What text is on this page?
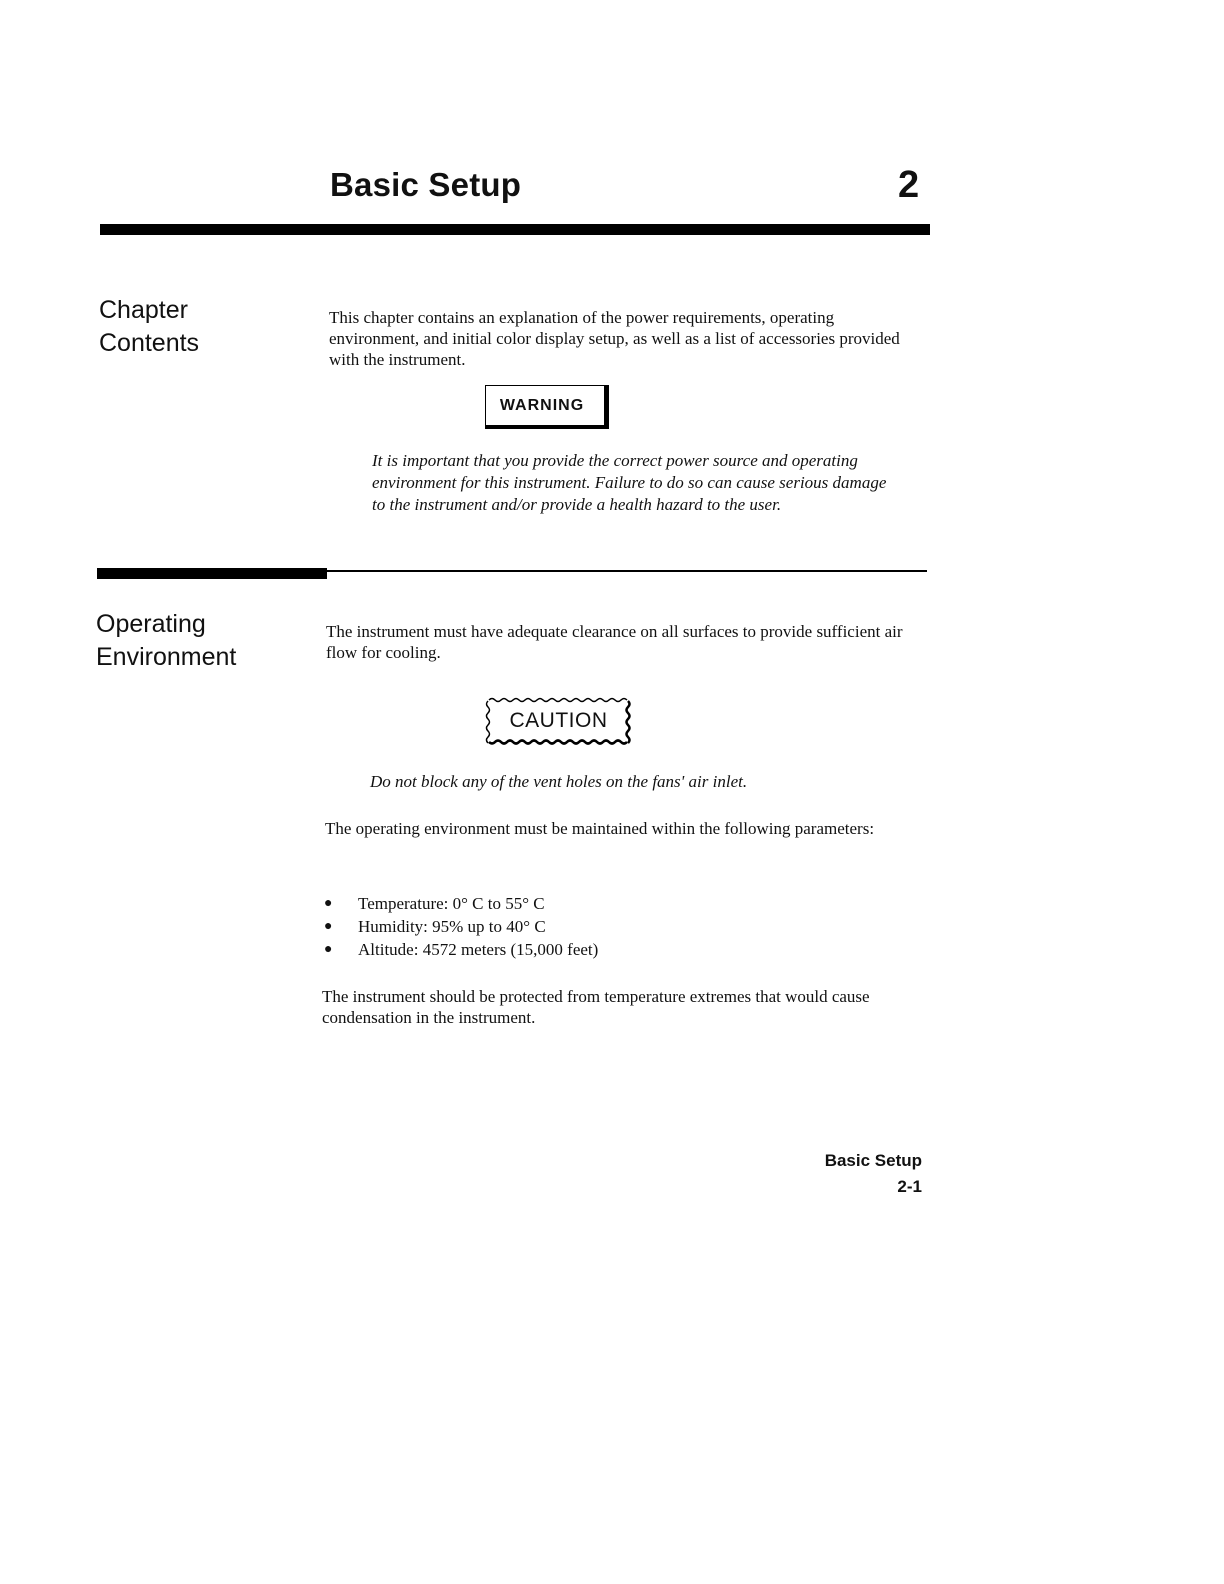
Basic Setup	2
Chapter
Contents

This chapter contains an explanation of the power requirements, operating environment, and initial color display setup, as well as a list of accessories provided with the instrument.

WARNING

It is important that you provide the correct power source and operating environment for this instrument. Failure to do so can cause serious damage to the instrument and/or provide a health hazard to the user.

Operating
Environment

The instrument must have adequate clearance on all surfaces to provide sufficient air flow for cooling.

CAUTION

Do not block any of the vent holes on the fans' air inlet.

The operating environment must be maintained within the following parameters:

● Temperature: 0° C to 55° C
● Humidity: 95% up to 40° C
● Altitude: 4572 meters (15,000 feet)

The instrument should be protected from temperature extremes that would cause condensation in the instrument.

Basic Setup
2-1
